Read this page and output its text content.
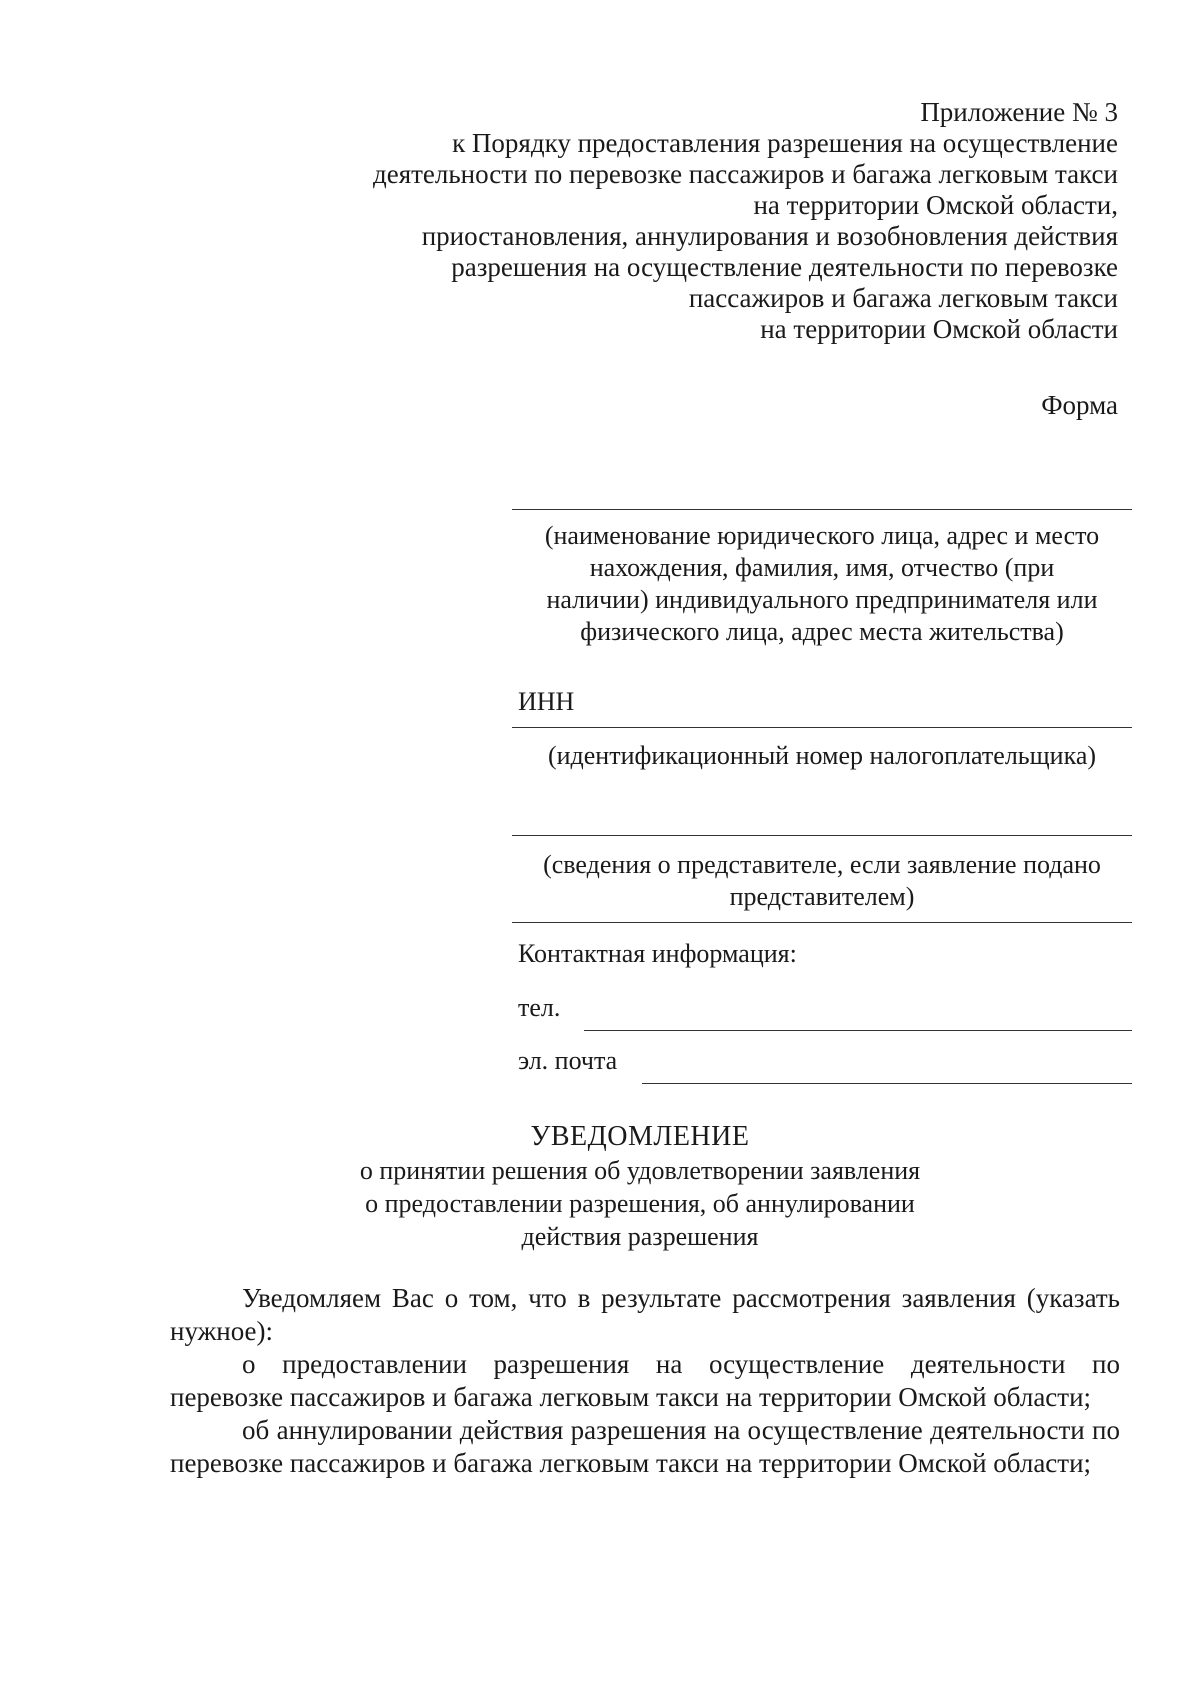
Приложение № 3
к Порядку предоставления разрешения на осуществление
деятельности по перевозке пассажиров и багажа легковым такси
на территории Омской области,
приостановления, аннулирования и возобновления действия
разрешения на осуществление деятельности по перевозке
пассажиров и багажа легковым такси
на территории Омской области
Форма
(наименование юридического лица, адрес и место
нахождения, фамилия, имя, отчество (при
наличии) индивидуального предпринимателя или
физического лица, адрес места жительства)
ИНН
(идентификационный номер налогоплательщика)
(сведения о представителе, если заявление подано
представителем)
Контактная информация:
тел.
эл. почта
УВЕДОМЛЕНИЕ
о принятии решения об удовлетворении заявления
о предоставлении разрешения, об аннулировании
действия разрешения

Уведомляем Вас о том, что в результате рассмотрения заявления (указать нужное):

о предоставлении разрешения на осуществление деятельности по перевозке пассажиров и багажа легковым такси на территории Омской области;

об аннулировании действия разрешения на осуществление деятельности по перевозке пассажиров и багажа легковым такси на территории Омской области;
